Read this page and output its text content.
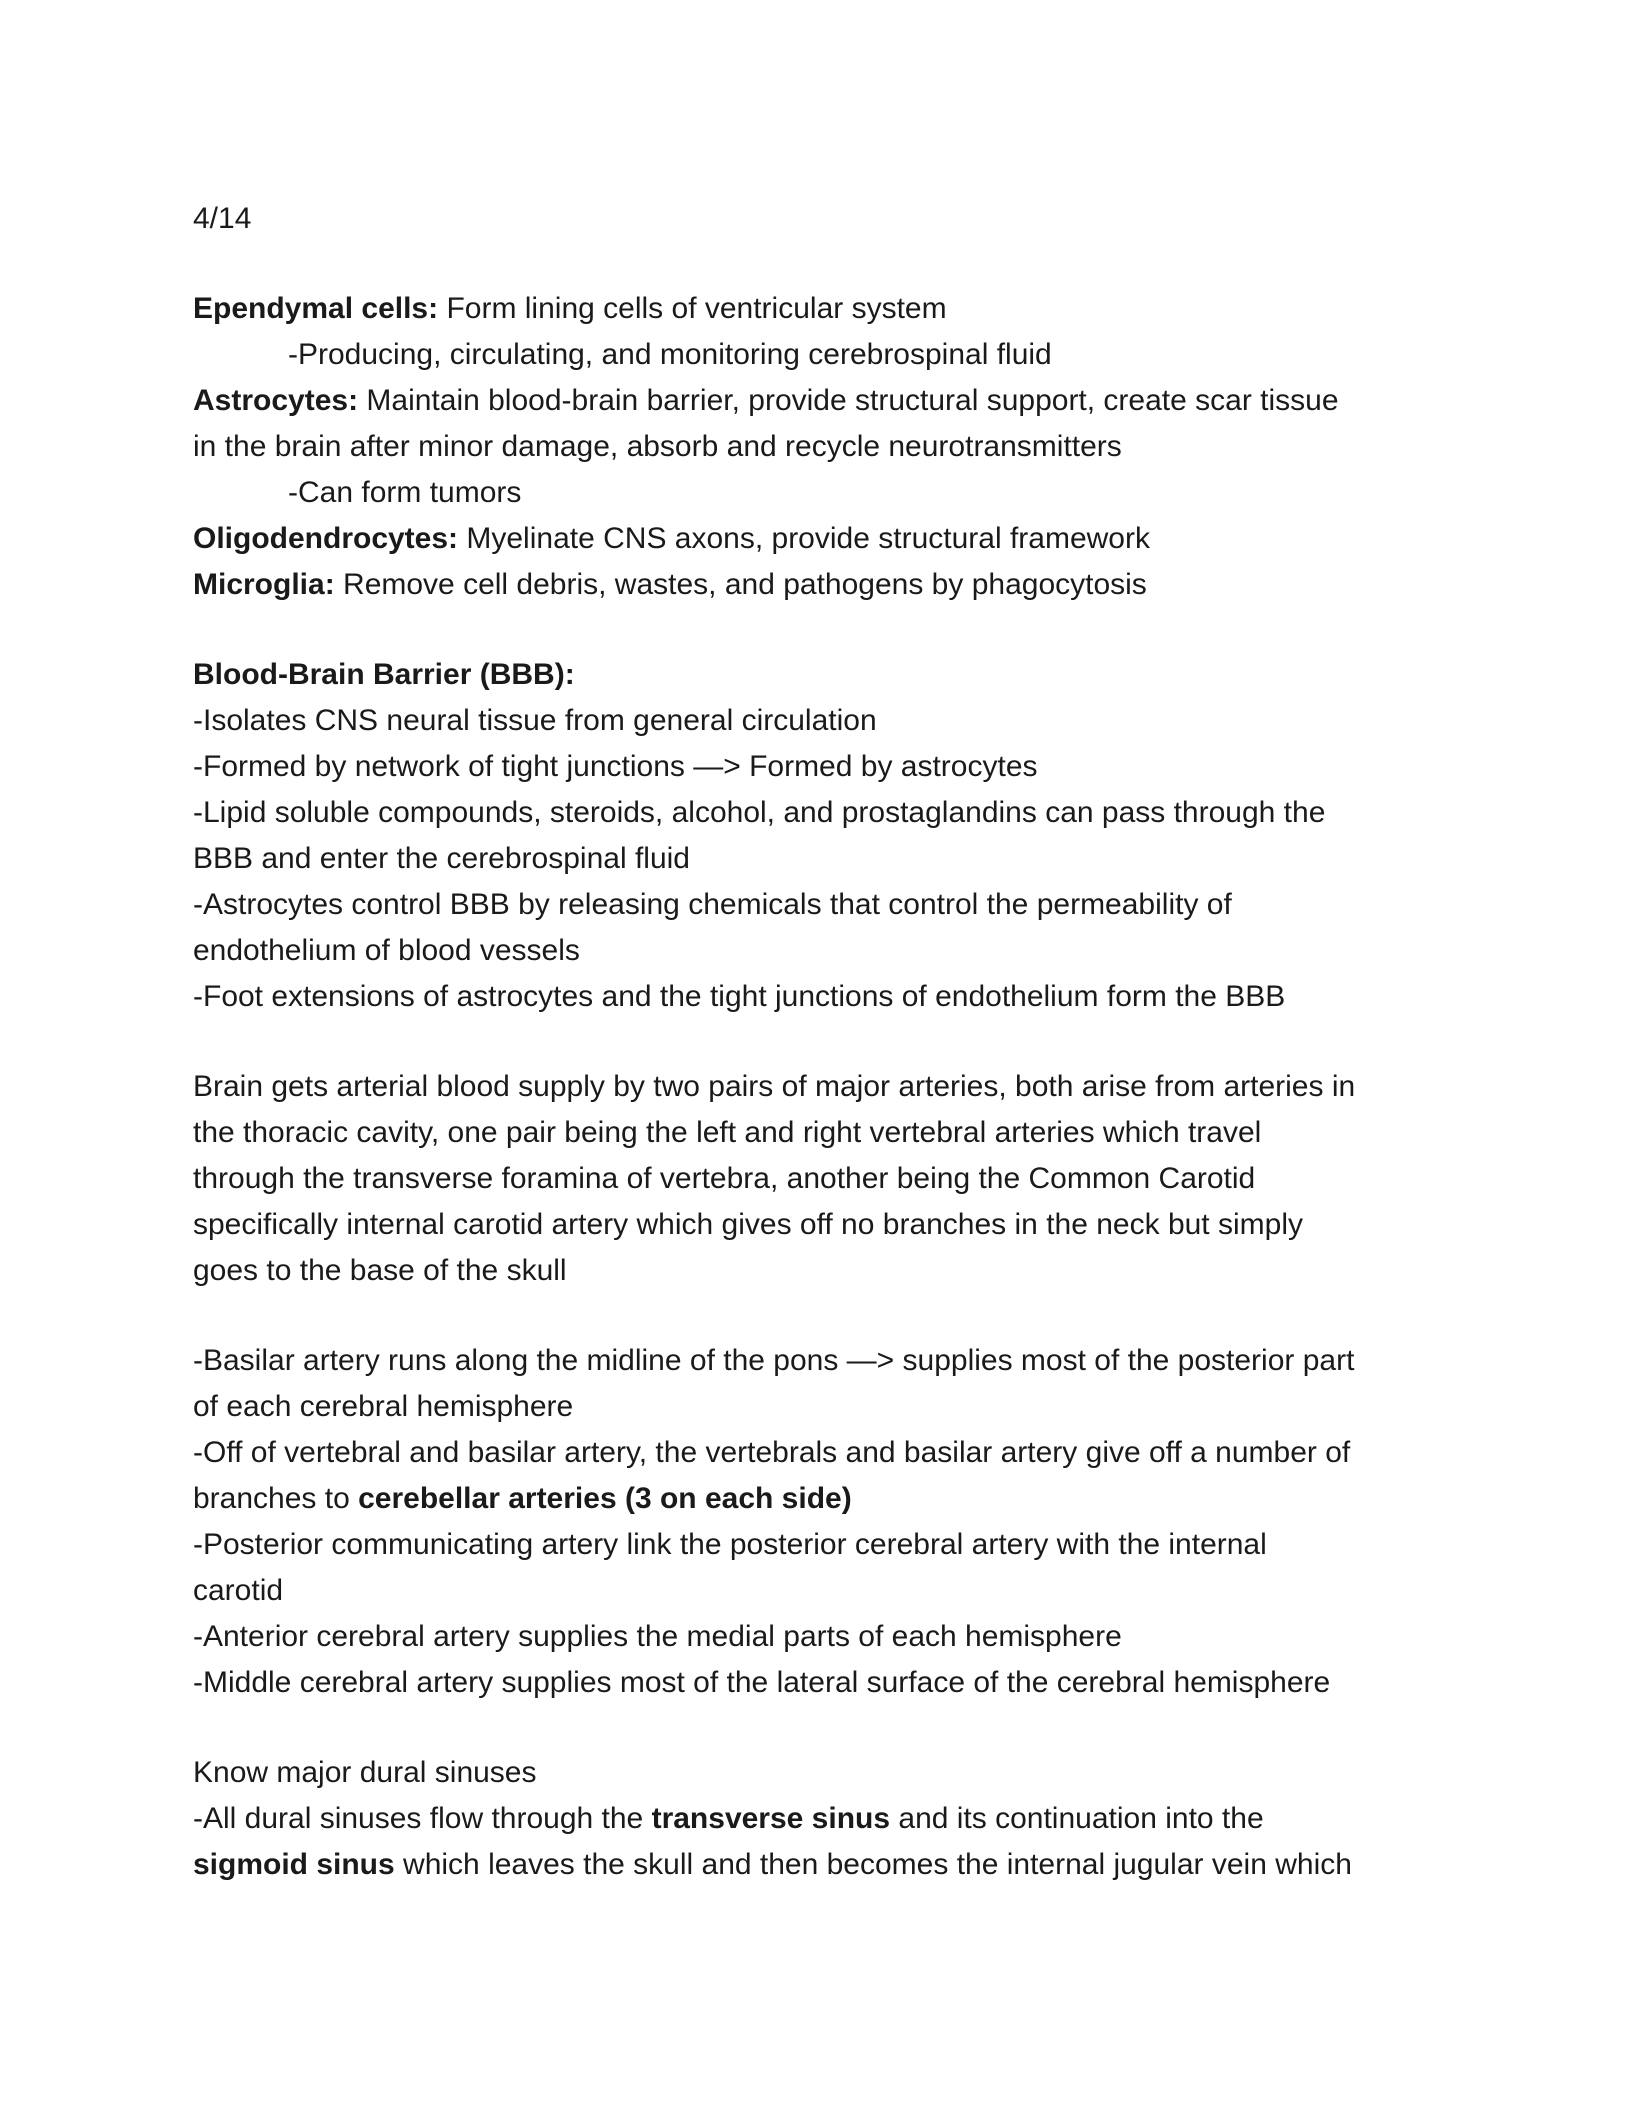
4/14

Ependymal cells: Form lining cells of ventricular system

-Producing, circulating, and monitoring cerebrospinal fluid

Astrocytes: Maintain blood-brain barrier, provide structural support, create scar tissue

in the brain after minor damage, absorb and recycle neurotransmitters

-Can form tumors

Oligodendrocytes: Myelinate CNS axons, provide structural framework

Microglia: Remove cell debris, wastes, and pathogens by phagocytosis

Blood-Brain Barrier (BBB):

-Isolates CNS neural tissue from general circulation

-Formed by network of tight junctions —> Formed by astrocytes

-Lipid soluble compounds, steroids, alcohol, and prostaglandins can pass through the

BBB and enter the cerebrospinal fluid

-Astrocytes control BBB by releasing chemicals that control the permeability of

endothelium of blood vessels

-Foot extensions of astrocytes and the tight junctions of endothelium form the BBB

Brain gets arterial blood supply by two pairs of major arteries, both arise from arteries in

the thoracic cavity, one pair being the left and right vertebral arteries which travel

through the transverse foramina of vertebra, another being the Common Carotid

specifically internal carotid artery which gives off no branches in the neck but simply

goes to the base of the skull

-Basilar artery runs along the midline of the pons —> supplies most of the posterior part

of each cerebral hemisphere

-Off of vertebral and basilar artery, the vertebrals and basilar artery give off a number of

branches to cerebellar arteries (3 on each side)

-Posterior communicating artery link the posterior cerebral artery with the internal

carotid

-Anterior cerebral artery supplies the medial parts of each hemisphere

-Middle cerebral artery supplies most of the lateral surface of the cerebral hemisphere

Know major dural sinuses

-All dural sinuses flow through the transverse sinus and its continuation into the

sigmoid sinus which leaves the skull and then becomes the internal jugular vein which
